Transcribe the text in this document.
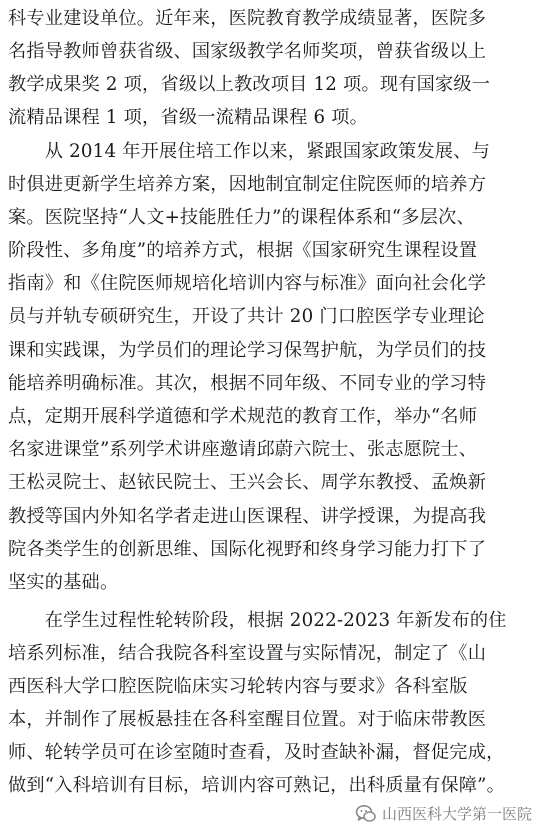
科专业建设单位。近年来，医院教育教学成绩显著，医院多
名指导教师曾获省级、国家级教学名师奖项，曾获省级以上
教学成果奖 2 项，省级以上教改项目 12 项。现有国家级一
流精品课程 1 项，省级一流精品课程 6 项。
　　从 2014 年开展住培工作以来，紧跟国家政策发展、与
时俱进更新学生培养方案，因地制宜制定住院医师的培养方
案。医院坚持“人文+技能胜任力”的课程体系和“多层次、
阶段性、多角度”的培养方式，根据《国家研究生课程设置
指南》和《住院医师规培化培训内容与标准》面向社会化学
员与并轨专硕研究生，开设了共计 20 门口腔医学专业理论
课和实践课，为学员们的理论学习保驾护航，为学员们的技
能培养明确标准。其次，根据不同年级、不同专业的学习特
点，定期开展科学道德和学术规范的教育工作，举办“名师
名家进课堂”系列学术讲座邀请邱蔚六院士、张志愿院士、
王松灵院士、赵铱民院士、王兴会长、周学东教授、孟焕新
教授等国内外知名学者走进山医课程、讲学授课，为提高我
院各类学生的创新思维、国际化视野和终身学习能力打下了
坚实的基础。
　　在学生过程性轮转阶段，根据 2022-2023 年新发布的住
培系列标准，结合我院各科室设置与实际情况，制定了《山
西医科大学口腔医院临床实习轮转内容与要求》各科室版
本，并制作了展板悬挂在各科室醒目位置。对于临床带教医
师、轮转学员可在诊室随时查看，及时查缺补漏，督促完成，
做到“入科培训有目标，培训内容可熟记，出科质量有保障”。
山西医科大学第一医院
